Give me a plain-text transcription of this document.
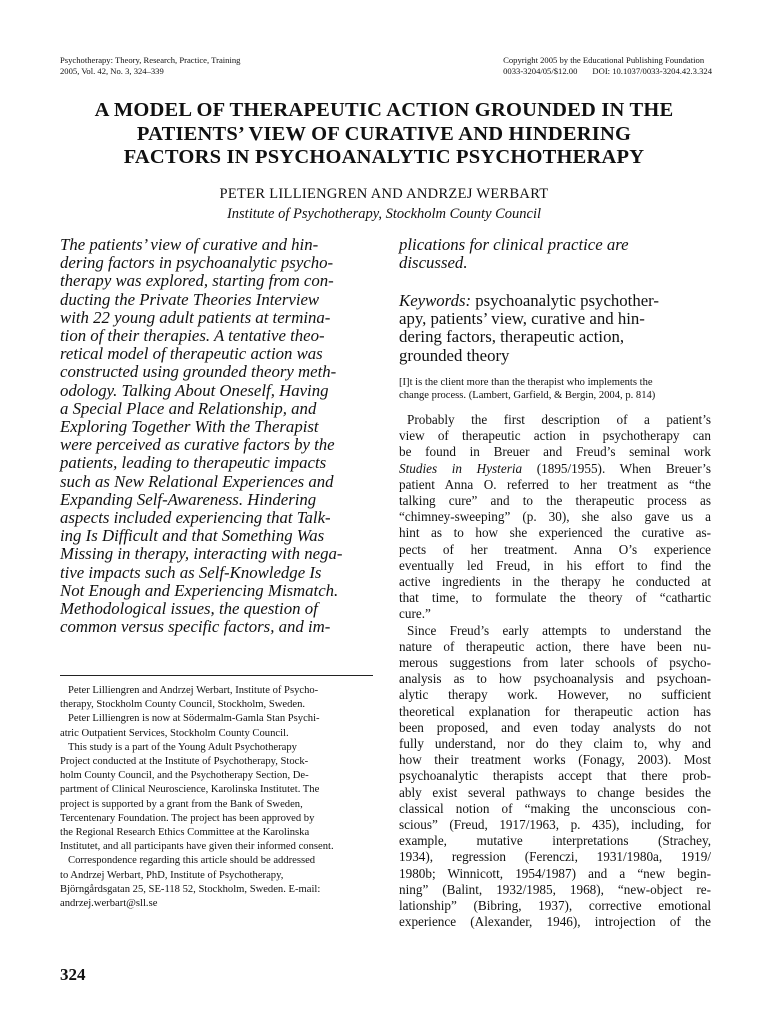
Psychotherapy: Theory, Research, Practice, Training
2005, Vol. 42, No. 3, 324–339
Copyright 2005 by the Educational Publishing Foundation
0033-3204/05/$12.00       DOI: 10.1037/0033-3204.42.3.324
A MODEL OF THERAPEUTIC ACTION GROUNDED IN THE
PATIENTS’ VIEW OF CURATIVE AND HINDERING
FACTORS IN PSYCHOANALYTIC PSYCHOTHERAPY
PETER LILLIENGREN AND ANDRZEJ WERBART
Institute of Psychotherapy, Stockholm County Council
The patients’ view of curative and hin-
dering factors in psychoanalytic psycho-
therapy was explored, starting from con-
ducting the Private Theories Interview
with 22 young adult patients at termina-
tion of their therapies. A tentative theo-
retical model of therapeutic action was
constructed using grounded theory meth-
odology. Talking About Oneself, Having
a Special Place and Relationship, and
Exploring Together With the Therapist
were perceived as curative factors by the
patients, leading to therapeutic impacts
such as New Relational Experiences and
Expanding Self-Awareness. Hindering
aspects included experiencing that Talk-
ing Is Difficult and that Something Was
Missing in therapy, interacting with nega-
tive impacts such as Self-Knowledge Is
Not Enough and Experiencing Mismatch.
Methodological issues, the question of
common versus specific factors, and im-
plications for clinical practice are
discussed.
Keywords: psychoanalytic psychother-
apy, patients’ view, curative and hin-
dering factors, therapeutic action,
grounded theory
[I]t is the client more than the therapist who implements the
change process. (Lambert, Garfield, & Bergin, 2004, p. 814)
Probably the first description of a patient’s
view of therapeutic action in psychotherapy can
be found in Breuer and Freud’s seminal work
Studies in Hysteria (1895/1955). When Breuer’s
patient Anna O. referred to her treatment as “the
talking cure” and to the therapeutic process as
“chimney-sweeping” (p. 30), she also gave us a
hint as to how she experienced the curative as-
pects of her treatment. Anna O’s experience
eventually led Freud, in his effort to find the
active ingredients in the therapy he conducted at
that time, to formulate the theory of “cathartic
cure.”
Since Freud’s early attempts to understand the
nature of therapeutic action, there have been nu-
merous suggestions from later schools of psycho-
analysis as to how psychoanalysis and psychoan-
alytic therapy work. However, no sufficient
theoretical explanation for therapeutic action has
been proposed, and even today analysts do not
fully understand, nor do they claim to, why and
how their treatment works (Fonagy, 2003). Most
psychoanalytic therapists accept that there prob-
ably exist several pathways to change besides the
classical notion of “making the unconscious con-
scious” (Freud, 1917/1963, p. 435), including, for
example, mutative interpretations (Strachey,
1934), regression (Ferenczi, 1931/1980a, 1919/
1980b; Winnicott, 1954/1987) and a “new begin-
ning” (Balint, 1932/1985, 1968), “new-object re-
lationship” (Bibring, 1937), corrective emotional
experience (Alexander, 1946), introjection of the
Peter Lilliengren and Andrzej Werbart, Institute of Psycho-
therapy, Stockholm County Council, Stockholm, Sweden.
Peter Lilliengren is now at Södermalm-Gamla Stan Psychi-
atric Outpatient Services, Stockholm County Council.
This study is a part of the Young Adult Psychotherapy
Project conducted at the Institute of Psychotherapy, Stock-
holm County Council, and the Psychotherapy Section, De-
partment of Clinical Neuroscience, Karolinska Institutet. The
project is supported by a grant from the Bank of Sweden,
Tercentenary Foundation. The project has been approved by
the Regional Research Ethics Committee at the Karolinska
Institutet, and all participants have given their informed consent.
Correspondence regarding this article should be addressed
to Andrzej Werbart, PhD, Institute of Psychotherapy,
Björngårdsgatan 25, SE-118 52, Stockholm, Sweden. E-mail:
andrzej.werbart@sll.se
324
